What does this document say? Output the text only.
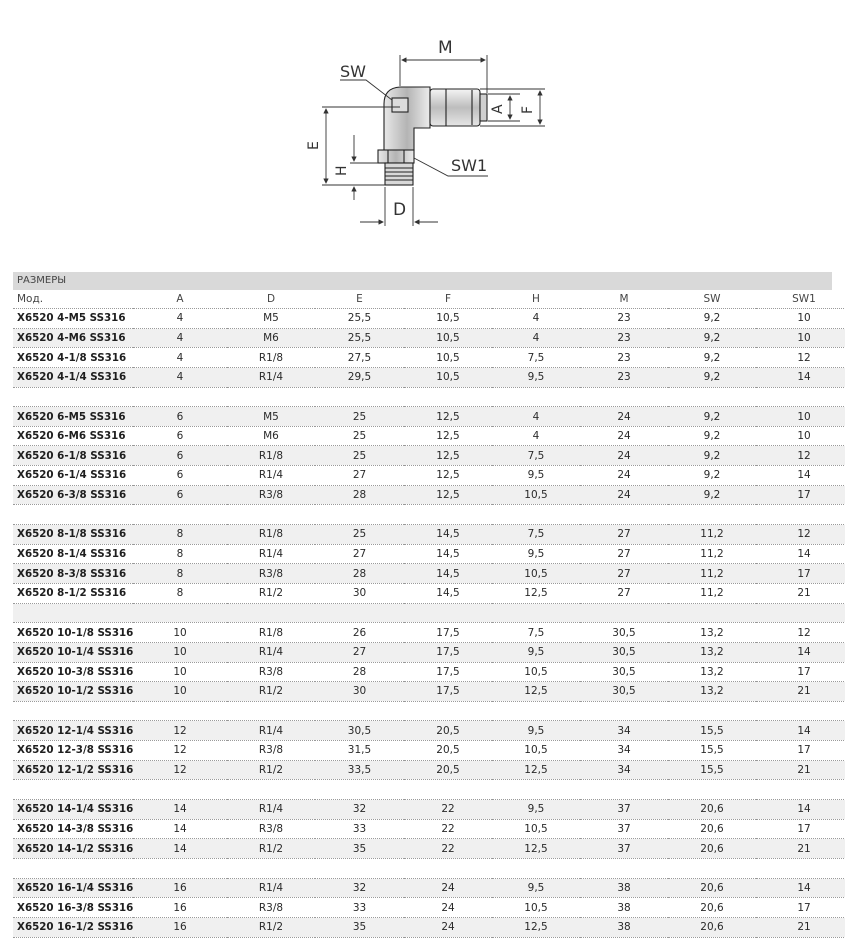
M
SW
A F
E
H	SW1
D
РАЗМЕРЫ
Мод.	A	D	E	F	H	M	SW	SW1
X6520 4-M5 SS316	4	M5	25,5	10,5	4	23	9,2	10
X6520 4-M6 SS316	4	M6	25,5	10,5	4	23	9,2	10
X6520 4-1/8 SS316	4	R1/8	27,5	10,5	7,5	23	9,2	12
X6520 4-1/4 SS316	4	R1/4	29,5	10,5	9,5	23	9,2	14

X6520 6-M5 SS316	6	M5	25	12,5	4	24	9,2	10
X6520 6-M6 SS316	6	M6	25	12,5	4	24	9,2	10
X6520 6-1/8 SS316	6	R1/8	25	12,5	7,5	24	9,2	12
X6520 6-1/4 SS316	6	R1/4	27	12,5	9,5	24	9,2	14
X6520 6-3/8 SS316	6	R3/8	28	12,5	10,5	24	9,2	17

X6520 8-1/8 SS316	8	R1/8	25	14,5	7,5	27	11,2	12
X6520 8-1/4 SS316	8	R1/4	27	14,5	9,5	27	11,2	14
X6520 8-3/8 SS316	8	R3/8	28	14,5	10,5	27	11,2	17
X6520 8-1/2 SS316	8	R1/2	30	14,5	12,5	27	11,2	21

X6520 10-1/8 SS316	10	R1/8	26	17,5	7,5	30,5	13,2	12
X6520 10-1/4 SS316	10	R1/4	27	17,5	9,5	30,5	13,2	14
X6520 10-3/8 SS316	10	R3/8	28	17,5	10,5	30,5	13,2	17
X6520 10-1/2 SS316	10	R1/2	30	17,5	12,5	30,5	13,2	21

X6520 12-1/4 SS316	12	R1/4	30,5	20,5	9,5	34	15,5	14
X6520 12-3/8 SS316	12	R3/8	31,5	20,5	10,5	34	15,5	17
X6520 12-1/2 SS316	12	R1/2	33,5	20,5	12,5	34	15,5	21

X6520 14-1/4 SS316	14	R1/4	32	22	9,5	37	20,6	14
X6520 14-3/8 SS316	14	R3/8	33	22	10,5	37	20,6	17
X6520 14-1/2 SS316	14	R1/2	35	22	12,5	37	20,6	21

X6520 16-1/4 SS316	16	R1/4	32	24	9,5	38	20,6	14
X6520 16-3/8 SS316	16	R3/8	33	24	10,5	38	20,6	17
X6520 16-1/2 SS316	16	R1/2	35	24	12,5	38	20,6	21
